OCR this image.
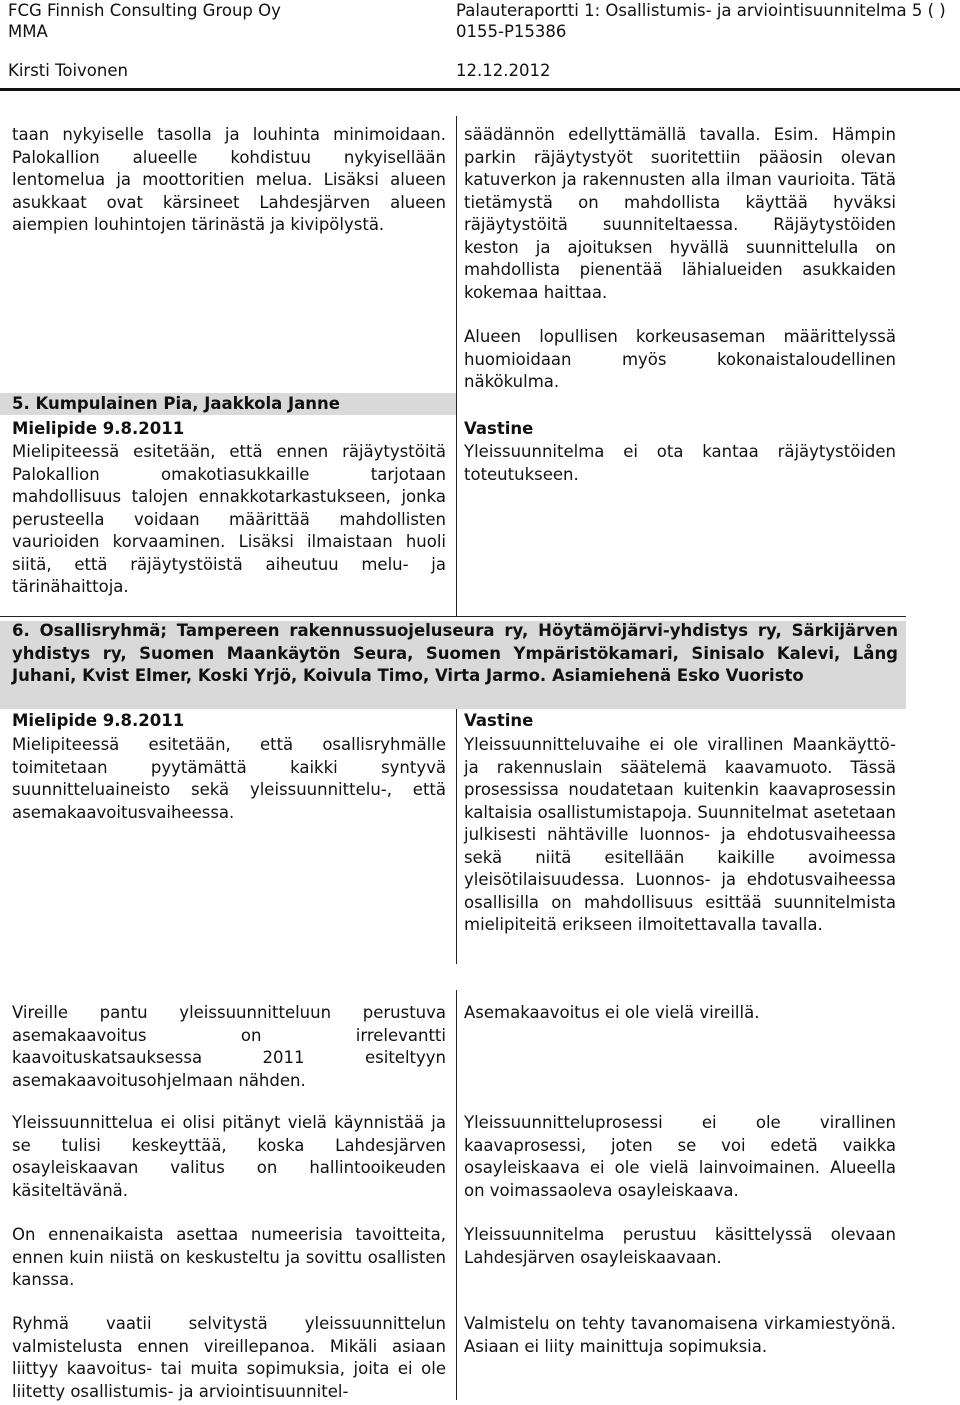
FCG Finnish Consulting Group Oy
MMA
Palauteraportti 1: Osallistumis- ja arviointisuunnitelma 5 ( )
0155-P15386
Kirsti Toivonen	12.12.2012
taan nykyiselle tasolla ja louhinta minimoidaan. Palokallion alueelle kohdistuu nykyisellään lentomelua ja moottoritien melua. Lisäksi alueen asukkaat ovat kärsineet Lahdesjärven alueen aiempien louhintojen tärinästä ja kivipölystä.
säädännön edellyttämällä tavalla. Esim. Hämpin parkin räjäytystyöt suoritettiin pääosin olevan katuverkon ja rakennusten alla ilman vaurioita. Tätä tietämystä on mahdollista käyttää hyväksi räjäytystöitä suunniteltaessa. Räjäytystöiden keston ja ajoituksen hyvällä suunnittelulla on mahdollista pienentää lähialueiden asukkaiden kokemaa haittaa.
Alueen lopullisen korkeusaseman määrittelyssä huomioidaan myös kokonaistaloudellinen näkökulma.
5. Kumpulainen Pia, Jaakkola Janne
Mielipide 9.8.2011
Mielipiteessä esitetään, että ennen räjäytystöitä Palokallion omakotiasukkaille tarjotaan mahdollisuus talojen ennakkotarkastukseen, jonka perusteella voidaan määrittää mahdollisten vaurioiden korvaaminen. Lisäksi ilmaistaan huoli siitä, että räjäytystöistä aiheutuu melu- ja tärinähaittoja.
Vastine
Yleissuunnitelma ei ota kantaa räjäytystöiden toteutukseen.
6. Osallisryhmä; Tampereen rakennussuojeluseura ry, Höytämöjärvi-yhdistys ry, Särkijärven yhdistys ry, Suomen Maankäytön Seura, Suomen Ympäristökamari, Sinisalo Kalevi, Lång Juhani, Kvist Elmer, Koski Yrjö, Koivula Timo, Virta Jarmo. Asiamiehenä Esko Vuoristo
Mielipide 9.8.2011
Mielipiteessä esitetään, että osallisryhmälle toimitetaan pyytämättä kaikki syntyvä suunnitteluaineisto sekä yleissuunnittelu-, että asemakaavoitusvaiheessa.
Vastine
Yleissuunnitteluvaihe ei ole virallinen Maankäyttö- ja rakennuslain säätelemä kaavamuoto. Tässä prosessissa noudatetaan kuitenkin kaavaprosessin kaltaisia osallistumistapoja. Suunnitelmat asetetaan julkisesti nähtäville luonnos- ja ehdotusvaiheessa sekä niitä esitellään kaikille avoimessa yleisötilaisuudessa. Luonnos- ja ehdotusvaiheessa osallisilla on mahdollisuus esittää suunnitelmista mielipiteitä erikseen ilmoitettavalla tavalla.
Vireille pantu yleissuunnitteluun perustuva asemakaavoitus on irrelevantti kaavoituskatsauksessa 2011 esiteltyyn asemakaavoitusohjelmaan nähden.
Asemakaavoitus ei ole vielä vireillä.
Yleissuunnittelua ei olisi pitänyt vielä käynnistää ja se tulisi keskeyttää, koska Lahdesjärven osayleiskaavan valitus on hallintooikeuden käsiteltävänä.
Yleissuunnitteluprosessi ei ole virallinen kaavaprosessi, joten se voi edetä vaikka osayleiskaava ei ole vielä lainvoimainen. Alueella on voimassaoleva osayleiskaava.
On ennenaikaista asettaa numeerisia tavoitteita, ennen kuin niistä on keskusteltu ja sovittu osallisten kanssa.
Yleissuunnitelma perustuu käsittelyssä olevaan Lahdesjärven osayleiskaavaan.
Ryhmä vaatii selvitystä yleissuunnittelun valmistelusta ennen vireillepanoa. Mikäli asiaan liittyy kaavoitus- tai muita sopimuksia, joita ei ole liitetty osallistumis- ja arviointisuunnitel-
Valmistelu on tehty tavanomaisena virkamiestyönä. Asiaan ei liity mainittuja sopimuksia.
